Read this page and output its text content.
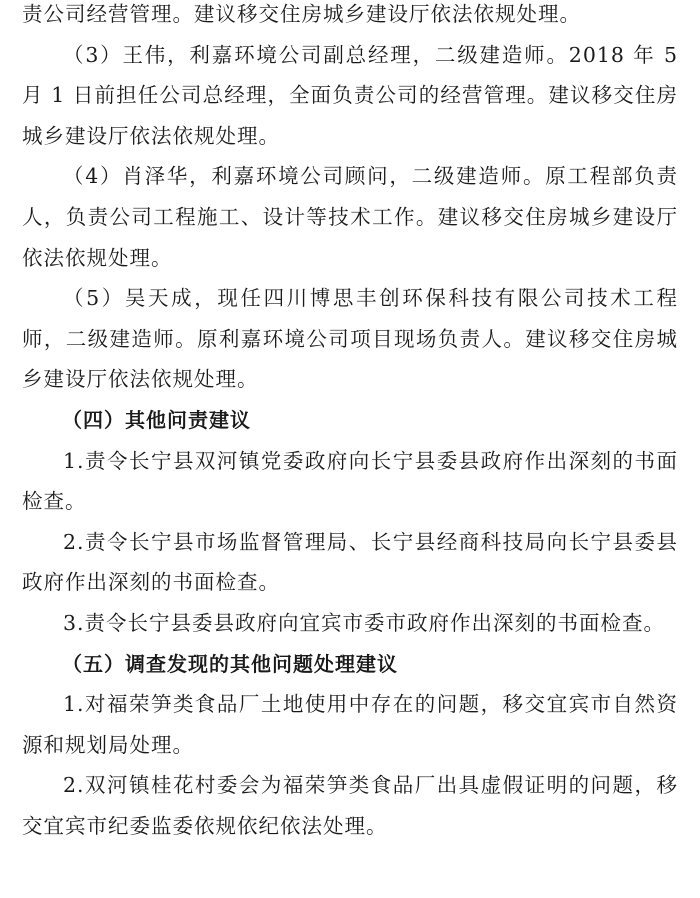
责公司经营管理。建议移交住房城乡建设厅依法依规处理。

（3）王伟，利嘉环境公司副总经理，二级建造师。2018 年 5 月 1 日前担任公司总经理，全面负责公司的经营管理。建议移交住房城乡建设厅依法依规处理。

（4）肖泽华，利嘉环境公司顾问，二级建造师。原工程部负责人，负责公司工程施工、设计等技术工作。建议移交住房城乡建设厅依法依规处理。

（5）吴天成，现任四川博思丰创环保科技有限公司技术工程师，二级建造师。原利嘉环境公司项目现场负责人。建议移交住房城乡建设厅依法依规处理。

（四）其他问责建议

1.责令长宁县双河镇党委政府向长宁县委县政府作出深刻的书面检查。

2.责令长宁县市场监督管理局、长宁县经商科技局向长宁县委县政府作出深刻的书面检查。

3.责令长宁县委县政府向宜宾市委市政府作出深刻的书面检查。

（五）调查发现的其他问题处理建议

1.对福荣笋类食品厂土地使用中存在的问题，移交宜宾市自然资源和规划局处理。

2.双河镇桂花村委会为福荣笋类食品厂出具虚假证明的问题，移交宜宾市纪委监委依规依纪依法处理。
